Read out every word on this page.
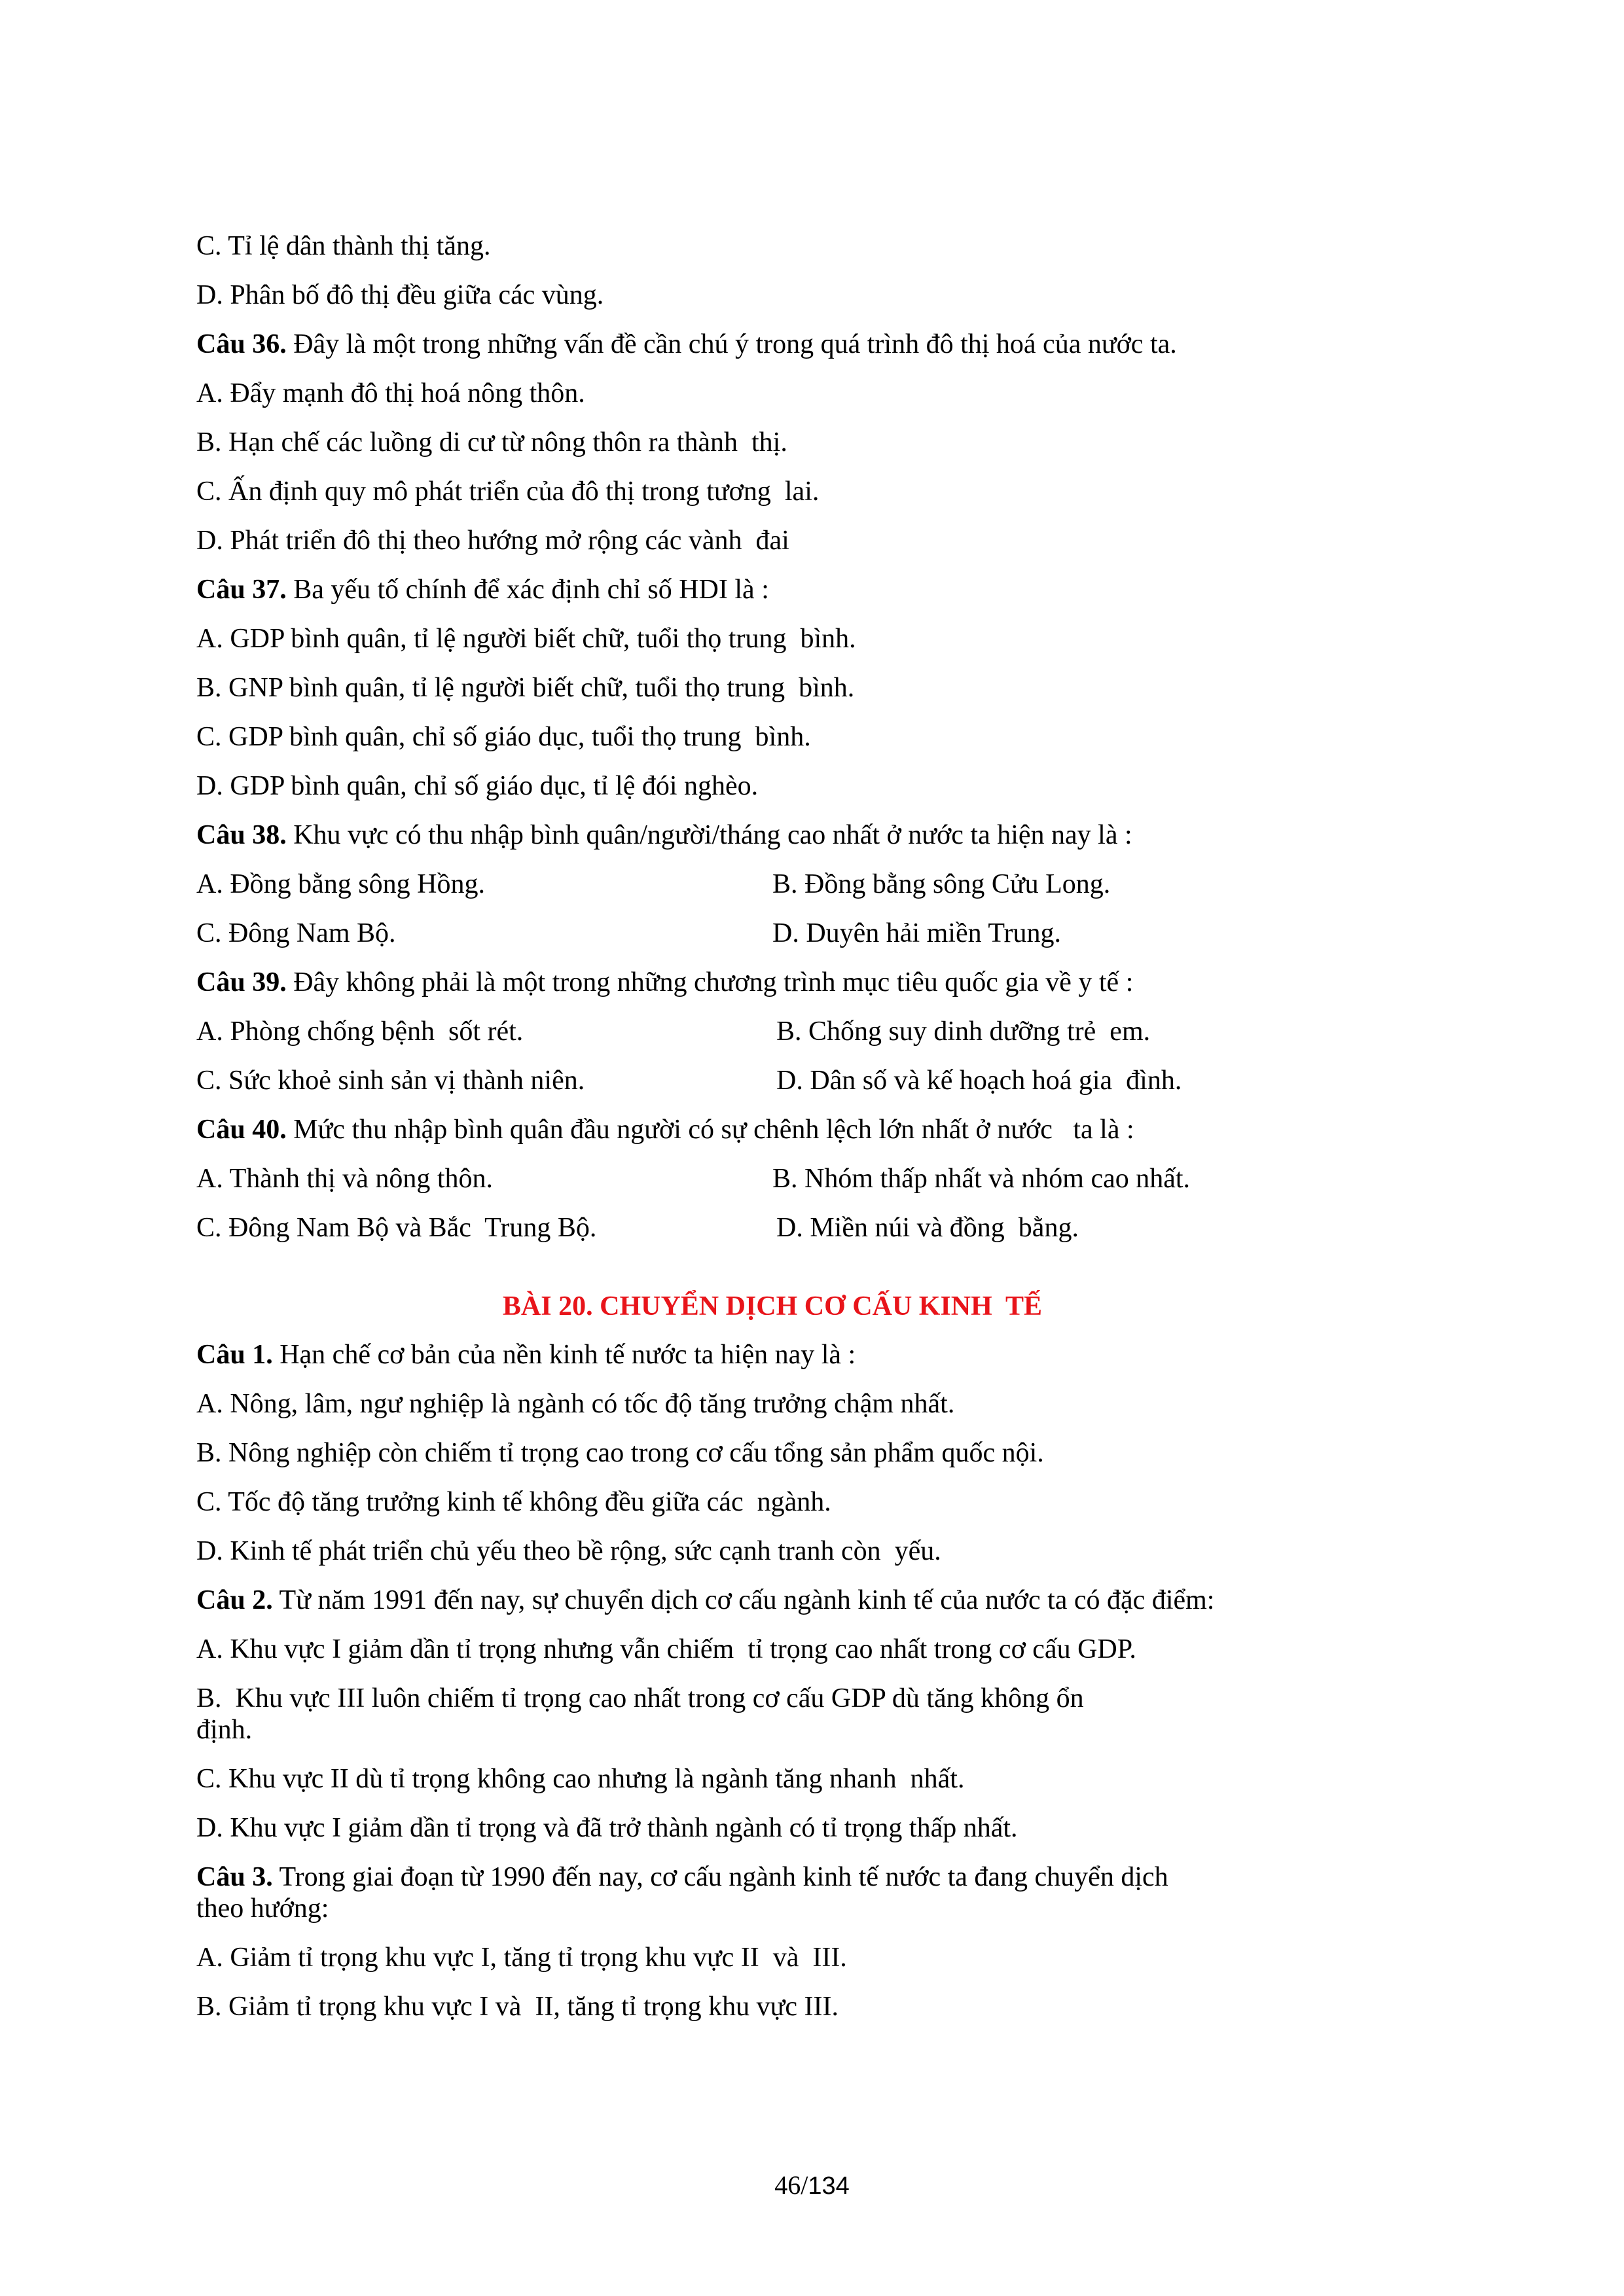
C. Tỉ lệ dân thành thị tăng.
D. Phân bố đô thị đều giữa các vùng.
Câu 36. Đây là một trong những vấn đề cần chú ý trong quá trình đô thị hoá của nước ta.
A. Đẩy mạnh đô thị hoá nông thôn.
B. Hạn chế các luồng di cư từ nông thôn ra thành  thị.
C. Ấn định quy mô phát triển của đô thị trong tương  lai.
D. Phát triển đô thị theo hướng mở rộng các vành  đai
Câu 37. Ba yếu tố chính để xác định chỉ số HDI là :
A. GDP bình quân, tỉ lệ người biết chữ, tuổi thọ trung  bình.
B. GNP bình quân, tỉ lệ người biết chữ, tuổi thọ trung  bình.
C. GDP bình quân, chỉ số giáo dục, tuổi thọ trung  bình.
D. GDP bình quân, chỉ số giáo dục, tỉ lệ đói nghèo.
Câu 38. Khu vực có thu nhập bình quân/người/tháng cao nhất ở nước ta hiện nay là :
A. Đồng bằng sông Hồng.	B. Đồng bằng sông Cửu Long.
C. Đông Nam Bộ.	D. Duyên hải miền Trung.
Câu 39. Đây không phải là một trong những chương trình mục tiêu quốc gia về y tế :
A. Phòng chống bệnh  sốt rét.	B. Chống suy dinh dưỡng trẻ  em.
C. Sức khoẻ sinh sản vị thành niên.	D. Dân số và kế hoạch hoá gia  đình.
Câu 40. Mức thu nhập bình quân đầu người có sự chênh lệch lớn nhất ở nước   ta là :
A. Thành thị và nông thôn.	B. Nhóm thấp nhất và nhóm cao nhất.
C. Đông Nam Bộ và Bắc  Trung Bộ.	D. Miền núi và đồng  bằng.
BÀI 20. CHUYỂN DỊCH CƠ CẤU KINH  TẾ
Câu 1. Hạn chế cơ bản của nền kinh tế nước ta hiện nay là :
A. Nông, lâm, ngư nghiệp là ngành có tốc độ tăng trưởng chậm nhất.
B. Nông nghiệp còn chiếm tỉ trọng cao trong cơ cấu tổng sản phẩm quốc nội.
C. Tốc độ tăng trưởng kinh tế không đều giữa các  ngành.
D. Kinh tế phát triển chủ yếu theo bề rộng, sức cạnh tranh còn  yếu.
Câu 2. Từ năm 1991 đến nay, sự chuyển dịch cơ cấu ngành kinh tế của nước ta có đặc điểm:
A. Khu vực I giảm dần tỉ trọng nhưng vẫn chiếm  tỉ trọng cao nhất trong cơ cấu GDP.
B.  Khu vực III luôn chiếm tỉ trọng cao nhất trong cơ cấu GDP dù tăng không ổn
định.
C. Khu vực II dù tỉ trọng không cao nhưng là ngành tăng nhanh  nhất.
D. Khu vực I giảm dần tỉ trọng và đã trở thành ngành có tỉ trọng thấp nhất.
Câu 3. Trong giai đoạn từ 1990 đến nay, cơ cấu ngành kinh tế nước ta đang chuyển dịch
theo hướng:
A. Giảm tỉ trọng khu vực I, tăng tỉ trọng khu vực II  và  III.
B. Giảm tỉ trọng khu vực I và  II, tăng tỉ trọng khu vực III.
46/134
